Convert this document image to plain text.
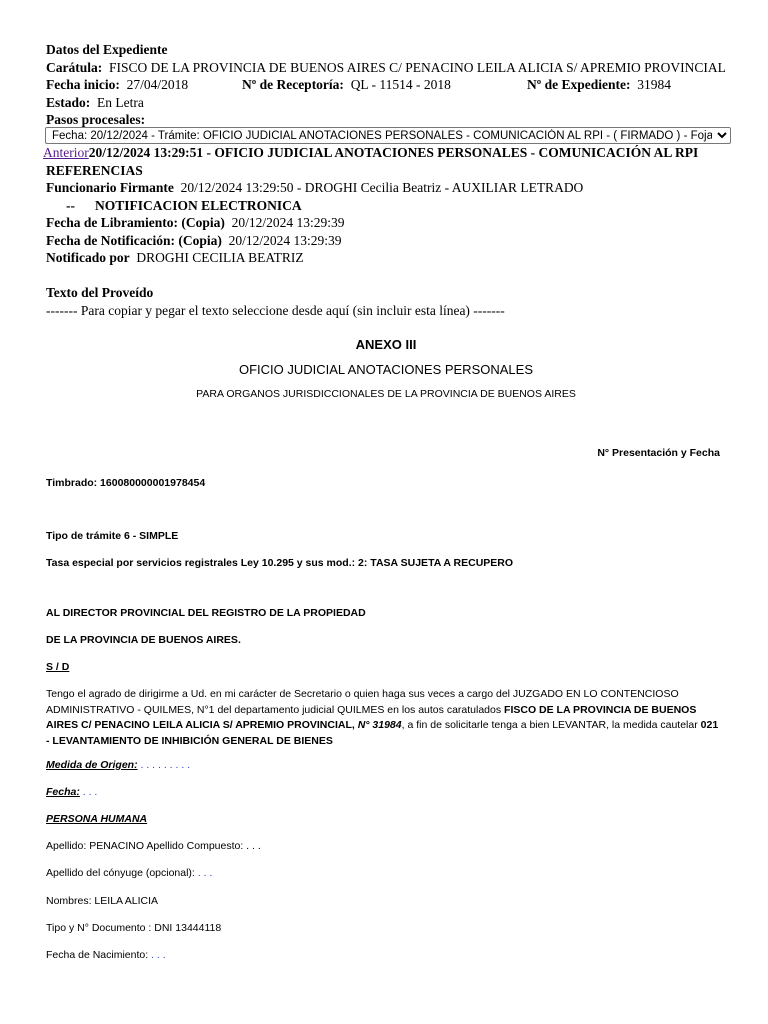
Datos del Expediente
Carátula: FISCO DE LA PROVINCIA DE BUENOS AIRES C/ PENACINO LEILA ALICIA S/ APREMIO PROVINCIAL
Fecha inicio: 27/04/2018	Nº de Receptoría: QL - 11514 - 2018	Nº de Expediente: 31984
Estado: En Letra
Pasos procesales:
Fecha: 20/12/2024 - Trámite: OFICIO JUDICIAL ANOTACIONES PERSONALES - COMUNICACIÓN AL RPI - ( FIRMADO ) - Foja: 20
Anterior20/12/2024 13:29:51 - OFICIO JUDICIAL ANOTACIONES PERSONALES - COMUNICACIÓN AL RPI
REFERENCIAS
Funcionario Firmante 20/12/2024 13:29:50 - DROGHI Cecilia Beatriz - AUXILIAR LETRADO
-- NOTIFICACION ELECTRONICA
Fecha de Libramiento: (Copia) 20/12/2024 13:29:39
Fecha de Notificación: (Copia) 20/12/2024 13:29:39
Notificado por DROGHI CECILIA BEATRIZ
Texto del Proveído
------- Para copiar y pegar el texto seleccione desde aquí (sin incluir esta línea) -------
ANEXO III
OFICIO JUDICIAL ANOTACIONES PERSONALES
PARA ORGANOS JURISDICCIONALES DE LA PROVINCIA DE BUENOS AIRES
N° Presentación y Fecha
Timbrado: 160080000001978454
Tipo de trámite 6 - SIMPLE
Tasa especial por servicios registrales Ley 10.295 y sus mod.: 2: TASA SUJETA A RECUPERO
AL DIRECTOR PROVINCIAL DEL REGISTRO DE LA PROPIEDAD
DE LA PROVINCIA DE BUENOS AIRES.
S / D
Tengo el agrado de dirigirme a Ud. en mi carácter de Secretario o quien haga sus veces a cargo del JUZGADO EN LO CONTENCIOSO ADMINISTRATIVO - QUILMES, N°1 del departamento judicial QUILMES en los autos caratulados FISCO DE LA PROVINCIA DE BUENOS AIRES C/ PENACINO LEILA ALICIA S/ APREMIO PROVINCIAL, N° 31984, a fin de solicitarle tenga a bien LEVANTAR, la medida cautelar 021 - LEVANTAMIENTO DE INHIBICIÓN GENERAL DE BIENES
Medida de Origen: . . . . . . . . .
Fecha: . . .
PERSONA HUMANA
Apellido: PENACINO Apellido Compuesto: . . .
Apellido del cónyuge (opcional): . . .
Nombres: LEILA ALICIA
Tipo y N° Documento : DNI 13444118
Fecha de Nacimiento: . . .
